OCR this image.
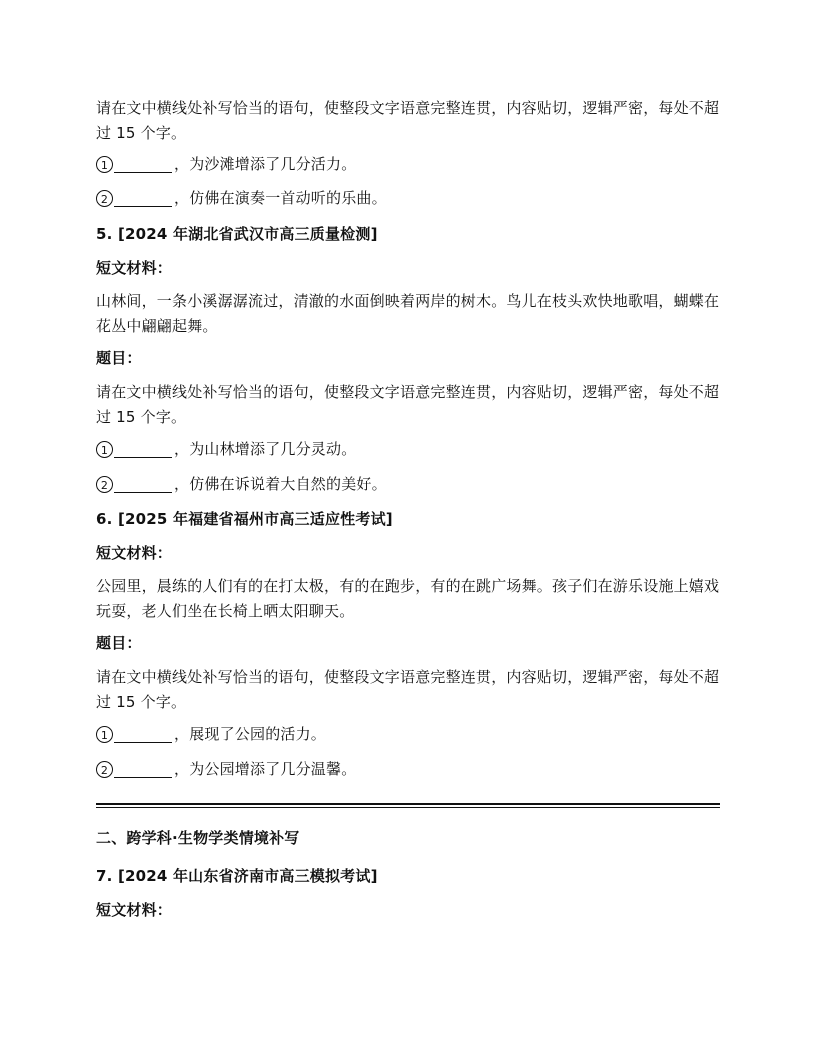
请在文中横线处补写恰当的语句，使整段文字语意完整连贯，内容贴切，逻辑严密，每处不超过 15 个字。

1	，为沙滩增添了几分活力。
2	，仿佛在演奏一首动听的乐曲。

5. [2024 年湖北省武汉市高三质量检测]

短文材料：

山林间，一条小溪潺潺流过，清澈的水面倒映着两岸的树木。鸟儿在枝头欢快地歌唱，蝴蝶在花丛中翩翩起舞。

题目：

请在文中横线处补写恰当的语句，使整段文字语意完整连贯，内容贴切，逻辑严密，每处不超过 15 个字。

1	，为山林增添了几分灵动。
2	，仿佛在诉说着大自然的美好。

6. [2025 年福建省福州市高三适应性考试]

短文材料：

公园里，晨练的人们有的在打太极，有的在跑步，有的在跳广场舞。孩子们在游乐设施上嬉戏玩耍，老人们坐在长椅上晒太阳聊天。

题目：

请在文中横线处补写恰当的语句，使整段文字语意完整连贯，内容贴切，逻辑严密，每处不超过 15 个字。

1	，展现了公园的活力。
2	，为公园增添了几分温馨。

二、跨学科·生物学类情境补写

7. [2024 年山东省济南市高三模拟考试]

短文材料：
